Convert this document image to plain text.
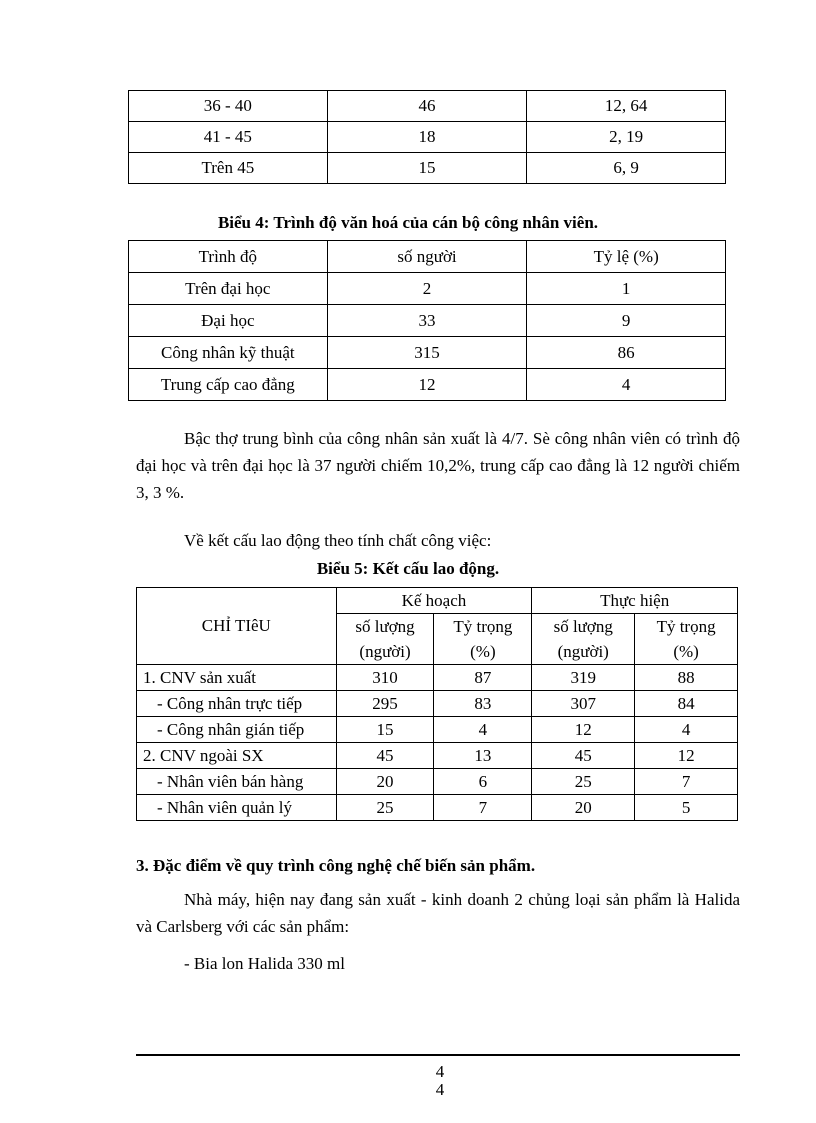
36 - 40	46	12, 64
41 - 45	18	2, 19
Trên 45	15	6, 9
Biểu 4: Trình độ văn hoá của cán bộ công nhân viên.
Trình độ	số người	Tỷ lệ (%)
Trên đại học	2	1
Đại học	33	9
Công nhân kỹ thuật	315	86
Trung cấp cao đẳng	12	4
Bậc thợ trung bình của công nhân sản xuất là 4/7. Sè công nhân viên có trình độ đại học và trên đại học là 37 người chiếm 10,2%, trung cấp cao đẳng là 12 người chiếm 3, 3 %.
Về kết cấu lao động theo tính chất công việc:
Biểu 5: Kết cấu lao động.
CHỈ TIêU	Kế hoạch		Thực hiện	
	số lượng	Tỷ trọng	số lượng	Tỷ trọng
	(người)	(%)	(người)	(%)
1. CNV sản xuất	310	87	319	88
- Công nhân trực tiếp	295	83	307	84
- Công nhân gián tiếp	15	4	12	4
2. CNV ngoài SX	45	13	45	12
- Nhân viên bán hàng	20	6	25	7
- Nhân viên quản lý	25	7	20	5
3. Đặc điểm về quy trình công nghệ chế biến sản phẩm.
Nhà máy, hiện nay đang sản xuất - kinh doanh 2 chủng loại sản phẩm là Halida và Carlsberg với các sản phẩm:
- Bia lon Halida 330 ml
4
4
